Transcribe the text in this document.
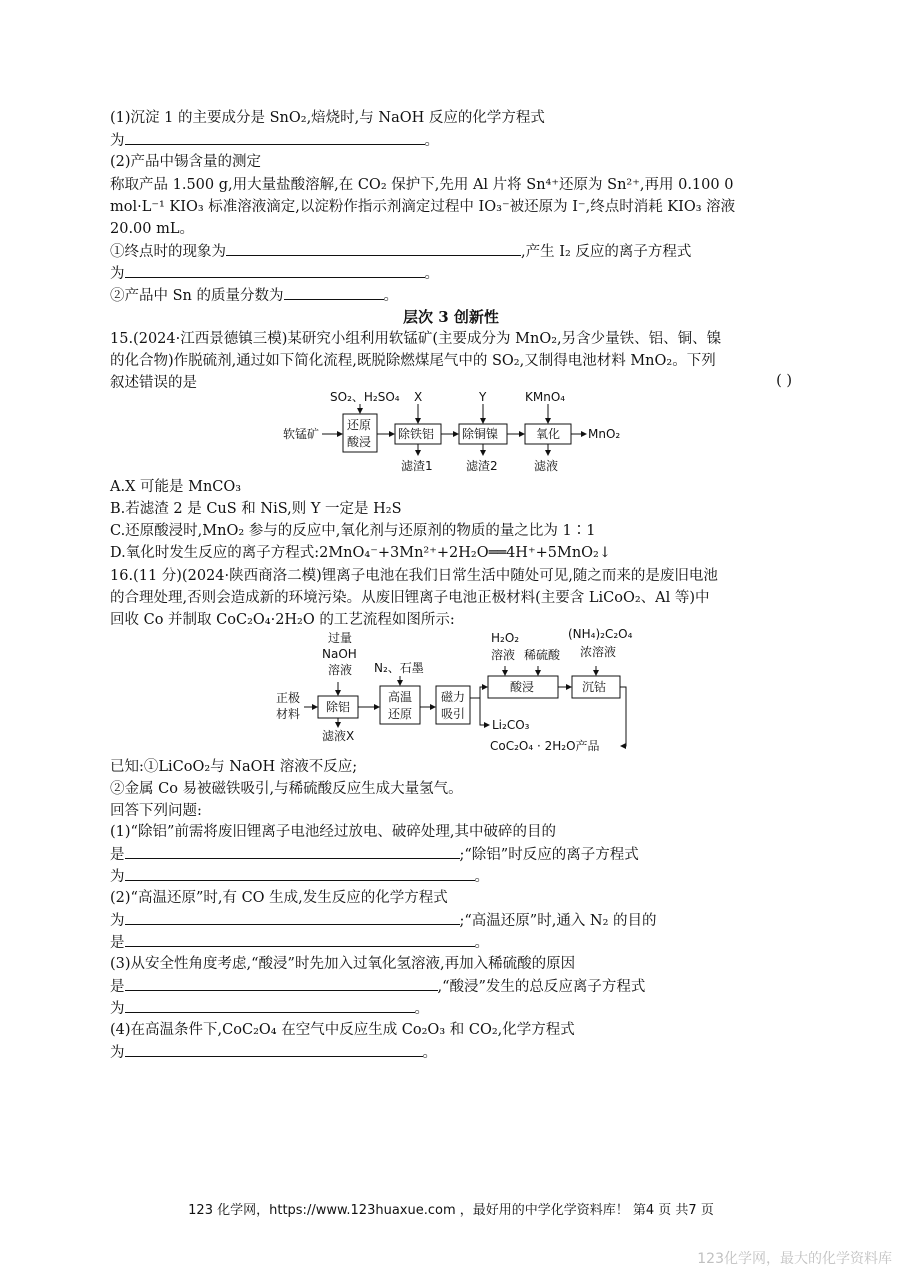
(1)沉淀 1 的主要成分是 SnO₂,焙烧时,与 NaOH 反应的化学方程式
为	。
(2)产品中锡含量的测定
称取产品 1.500 g,用大量盐酸溶解,在 CO₂ 保护下,先用 Al 片将 Sn⁴⁺还原为 Sn²⁺,再用 0.100 0
mol·L⁻¹ KIO₃ 标准溶液滴定,以淀粉作指示剂滴定过程中 IO₃⁻被还原为 I⁻,终点时消耗 KIO₃ 溶液
20.00 mL。
①终点时的现象为	,产生 I₂ 反应的离子方程式
为	。
②产品中 Sn 的质量分数为	。
层次 3 创新性
15.(2024·江西景德镇三模)某研究小组利用软锰矿(主要成分为 MnO₂,另含少量铁、铝、铜、镍
的化合物)作脱硫剂,通过如下简化流程,既脱除燃煤尾气中的 SO₂,又制得电池材料 MnO₂。下列
叙述错误的是	( )
软锰矿
还原
酸浸
除铁铝 除铜镍	氧化 MnO₂
SO₂、H₂SO₄ X	Y	KMnO₄
滤渣1	滤渣2	滤液
A.X 可能是 MnCO₃
B.若滤渣 2 是 CuS 和 NiS,则 Y 一定是 H₂S
C.还原酸浸时,MnO₂ 参与的反应中,氧化剂与还原剂的物质的量之比为 1∶1
D.氧化时发生反应的离子方程式:2MnO₄⁻+3Mn²⁺+2H₂O══4H⁺+5MnO₂↓
16.(11 分)(2024·陕西商洛二模)锂离子电池在我们日常生活中随处可见,随之而来的是废旧电池
的合理处理,否则会造成新的环境污染。从废旧锂离子电池正极材料(主要含 LiCoO₂、Al 等)中
回收 Co 并制取 CoC₂O₄·2H₂O 的工艺流程如图所示:
正极
材料 除铝
高温
还原
磁力
吸引
酸浸	沉钴
过量
NaOH
溶液 N₂、石墨
H₂O₂
溶液 稀硫酸
(NH₄)₂C₂O₄
浓溶液
滤液X
Li₂CO₃
CoC₂O₄ · 2H₂O产品
已知:①LiCoO₂与 NaOH 溶液不反应;
②金属 Co 易被磁铁吸引,与稀硫酸反应生成大量氢气。
回答下列问题:
(1)“除铝”前需将废旧锂离子电池经过放电、破碎处理,其中破碎的目的
是	;“除铝”时反应的离子方程式
为	。
(2)“高温还原”时,有 CO 生成,发生反应的化学方程式
为	;“高温还原”时,通入 N₂ 的目的
是	。
(3)从安全性角度考虑,“酸浸”时先加入过氧化氢溶液,再加入稀硫酸的原因
是	,“酸浸”发生的总反应离子方程式
为	。
(4)在高温条件下,CoC₂O₄ 在空气中反应生成 Co₂O₃ 和 CO₂,化学方程式
为	。
123 化学网，https://www.123huaxue.com ，最好用的中学化学资料库！ 第4 页 共7 页
123化学网，最大的化学资料库
